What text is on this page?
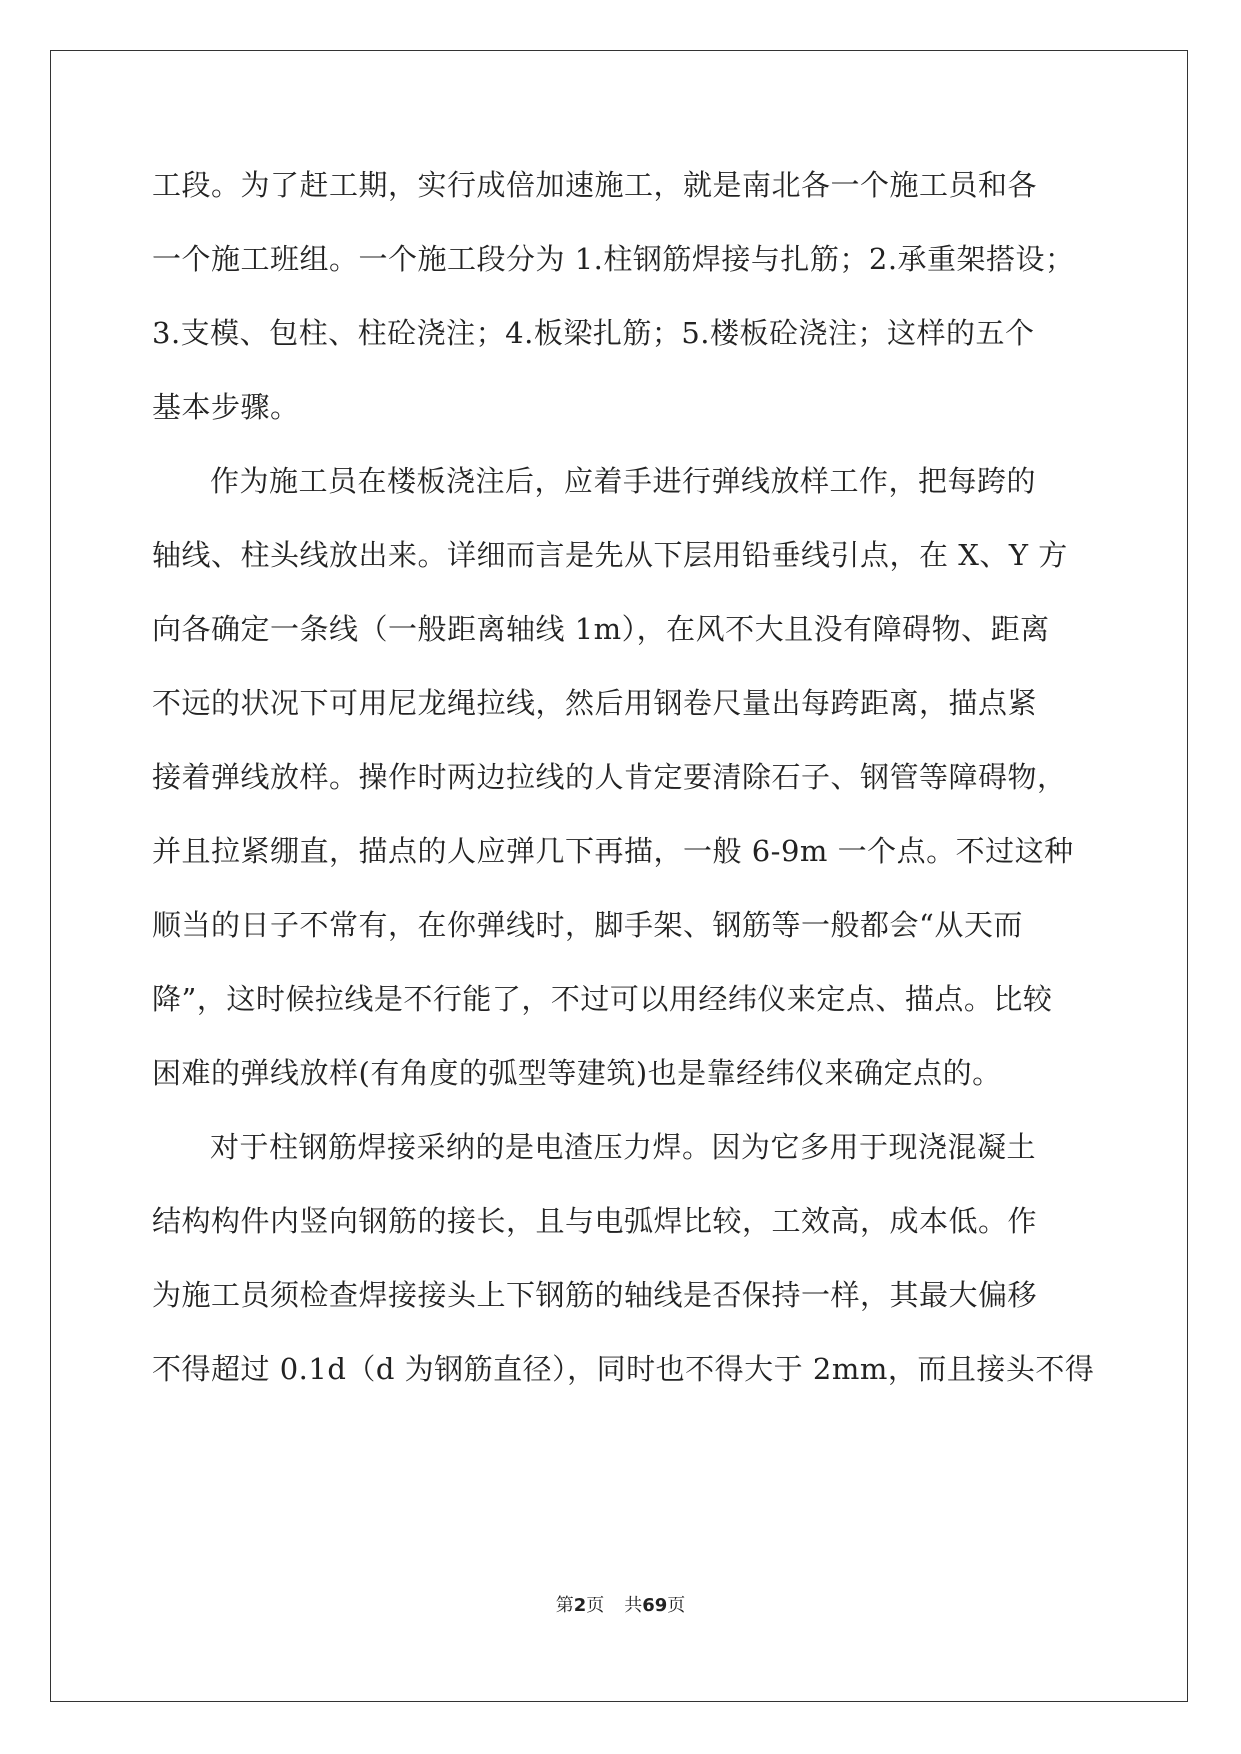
工段。为了赶工期，实行成倍加速施工，就是南北各一个施工员和各
一个施工班组。一个施工段分为 1.柱钢筋焊接与扎筋；2.承重架搭设；
3.支模、包柱、柱砼浇注；4.板梁扎筋；5.楼板砼浇注；这样的五个
基本步骤。
作为施工员在楼板浇注后，应着手进行弹线放样工作，把每跨的
轴线、柱头线放出来。详细而言是先从下层用铅垂线引点，在 X、Y 方
向各确定一条线（一般距离轴线 1m），在风不大且没有障碍物、距离
不远的状况下可用尼龙绳拉线，然后用钢卷尺量出每跨距离，描点紧
接着弹线放样。操作时两边拉线的人肯定要清除石子、钢管等障碍物，
并且拉紧绷直，描点的人应弹几下再描，一般 6-9m 一个点。不过这种
顺当的日子不常有，在你弹线时，脚手架、钢筋等一般都会“从天而
降”，这时候拉线是不行能了，不过可以用经纬仪来定点、描点。比较
困难的弹线放样(有角度的弧型等建筑)也是靠经纬仪来确定点的。
对于柱钢筋焊接采纳的是电渣压力焊。因为它多用于现浇混凝土
结构构件内竖向钢筋的接长，且与电弧焊比较，工效高，成本低。作
为施工员须检查焊接接头上下钢筋的轴线是否保持一样，其最大偏移
不得超过 0.1d（d 为钢筋直径），同时也不得大于 2mm，而且接头不得
第2页 共69页
